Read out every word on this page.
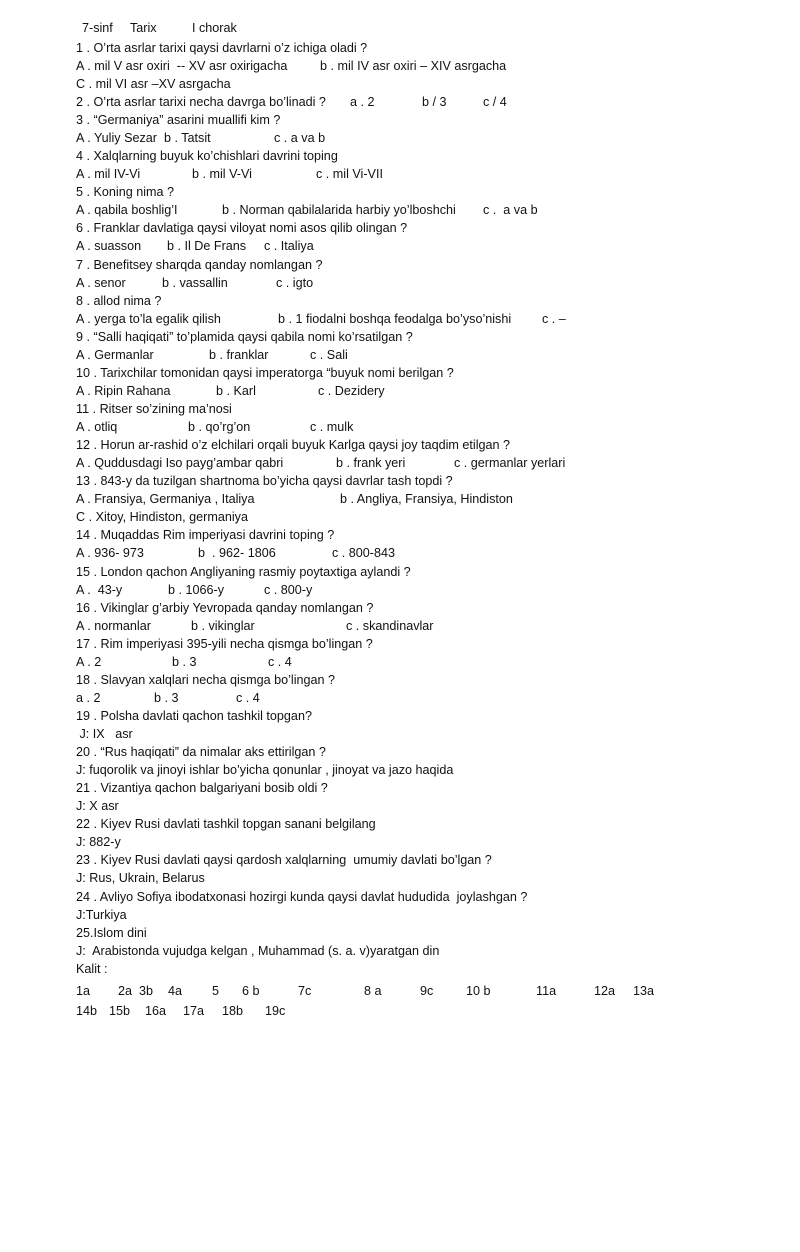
7-sinf

Tarix

	I chorak

1 . O’rta asrlar tarixi qaysi davrlarni o’z ichiga oladi ?

A . mil V asr oxiri  -- XV asr oxirigacha

	b . mil IV asr oxiri – XIV asrgacha

C . mil VI asr –XV asrgacha

2 . O’rta asrlar tarixi necha davrga bo’linadi ?

a . 2

	b / 3

	c / 4

3 . “Germaniya” asarini muallifi kim ?

A . Yuliy Sezar  b . Tatsit

	c . a va b

4 . Xalqlarning buyuk ko’chishlari davrini toping

A . mil IV-Vi

	b . mil V-Vi

	c . mil Vi-VII

5 . Koning nima ?

A . qabila boshlig’I

	b . Norman qabilalarida harbiy yo’lboshchi

c .  a va b

6 . Franklar davlatiga qaysi viloyat nomi asos qilib olingan ?

A . suasson

b . Il De Frans

c . Italiya

7 . Benefitsey sharqda qanday nomlangan ?

A . senor

	b . vassallin

	c . igto

8 . allod nima ?

A . yerga to’la egalik qilish

	b . 1 fiodalni boshqa feodalga bo’yso’nishi

c . –

9 . “Salli haqiqati” to’plamida qaysi qabila nomi ko’rsatilgan ?

A . Germanlar

	b . franklar

	c . Sali

10 . Tarixchilar tomonidan qaysi imperatorga “buyuk nomi berilgan ?

A . Ripin Rahana

	b . Karl

	c . Dezidery

11 . Ritser so’zining ma’nosi

A . otliq

	b . qo’rg’on

	c . mulk

12 . Horun ar-rashid o’z elchilari orqali buyuk Karlga qaysi joy taqdim etilgan ?

A . Quddusdagi Iso payg’ambar qabri

	b . frank yeri

	c . germanlar yerlari

13 . 843-y da tuzilgan shartnoma bo’yicha qaysi davrlar tash topdi ?

A . Fransiya, Germaniya , Italiya

	b . Angliya, Fransiya, Hindiston

C . Xitoy, Hindiston, germaniya

14 . Muqaddas Rim imperiyasi davrini toping ?

A . 936- 973

	b  . 962- 1806

	c . 800-843

15 . London qachon Angliyaning rasmiy poytaxtiga aylandi ?

A .  43-y

	b . 1066-y

	c . 800-y

16 . Vikinglar g’arbiy Yevropada qanday nomlangan ?

A . normanlar

	b . vikinglar

	c . skandinavlar

17 . Rim imperiyasi 395-yili necha qismga bo’lingan ?

A . 2

	b . 3

	c . 4

18 . Slavyan xalqlari necha qismga bo’lingan ?

a . 2

	b . 3

	c . 4

19 . Polsha davlati qachon tashkil topgan?
J: IX   asr
20 . “Rus haqiqati” da nimalar aks ettirilgan ?
J: fuqorolik va jinoyi ishlar bo’yicha qonunlar , jinoyat va jazo haqida
21 . Vizantiya qachon balgariyani bosib oldi ?
J: X asr
22 . Kiyev Rusi davlati tashkil topgan sanani belgilang
J: 882-y
23 . Kiyev Rusi davlati qaysi qardosh xalqlarning  umumiy davlati bo’lgan ?
J: Rus, Ukrain, Belarus
24 . Avliyo Sofiya ibodatxonasi hozirgi kunda qaysi davlat hududida  joylashgan ?
J:Turkiya
25.Islom dini
J:  Arabistonda vujudga kelgan , Muhammad (s. a. v)yaratgan din
Kalit :

1a

2a

3b

4a

5

6 b

	7c

	8 a

	9c

	10 b

	11a

	12a

13a

14b

15b

16a

17a

18b

19c
